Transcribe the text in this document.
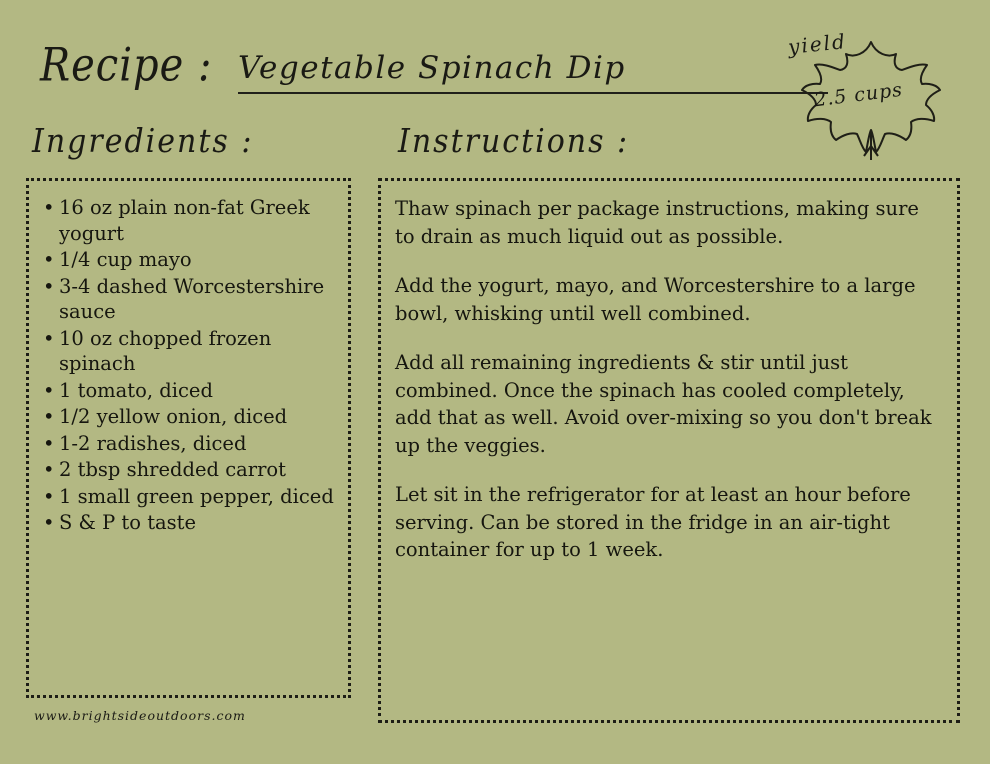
Recipe : Vegetable Spinach Dip
yield
2.5 cups
Ingredients :	Instructions :
• 16 oz plain non-fat Greek yogurt
• 1/4 cup mayo
• 3-4 dashed Worcestershire sauce
• 10 oz chopped frozen spinach
• 1 tomato, diced
• 1/2 yellow onion, diced
• 1-2 radishes, diced
• 2 tbsp shredded carrot
• 1 small green pepper, diced
• S & P to taste

Thaw spinach per package instructions, making sure to drain as much liquid out as possible.

Add the yogurt, mayo, and Worcestershire to a large bowl, whisking until well combined.

Add all remaining ingredients & stir until just combined. Once the spinach has cooled completely, add that as well. Avoid over-mixing so you don't break up the veggies.

Let sit in the refrigerator for at least an hour before serving. Can be stored in the fridge in an air-tight container for up to 1 week.

www.brightsideoutdoors.com
